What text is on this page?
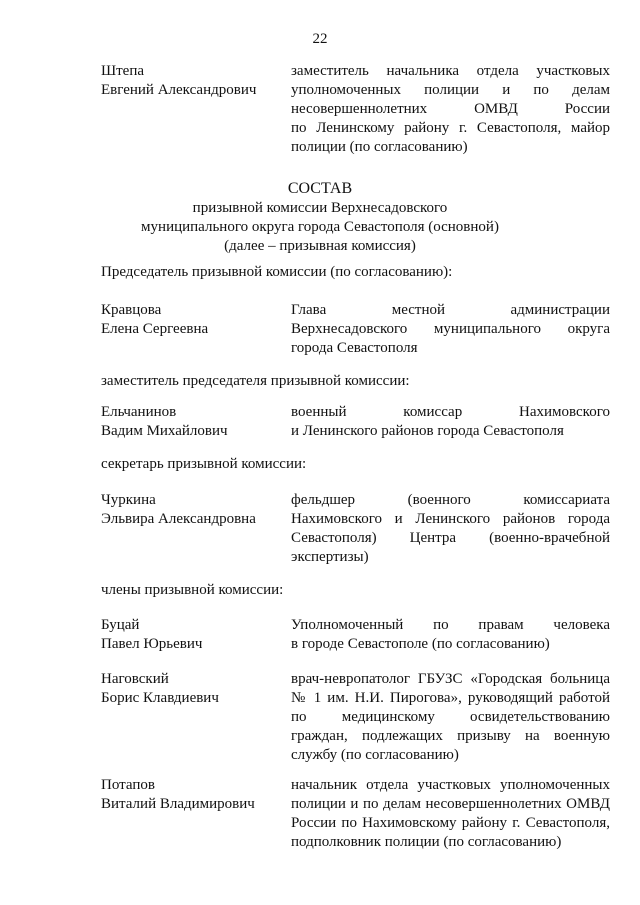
22
Штепа
Евгений Александрович
заместитель начальника отдела участковых
уполномоченных полиции и по делам
несовершеннолетних ОМВД России
по Ленинскому району г. Севастополя, майор
полиции (по согласованию)
СОСТАВ
призывной комиссии Верхнесадовского
муниципального округа города Севастополя (основной)
(далее – призывная комиссия)
Председатель призывной комиссии (по согласованию):
Кравцова
Елена Сергеевна
Глава местной администрации
Верхнесадовского муниципального округа
города Севастополя
заместитель председателя призывной комиссии:
Ельчанинов
Вадим Михайлович
военный комиссар Нахимовского
и Ленинского районов города Севастополя
секретарь призывной комиссии:
Чуркина
Эльвира Александровна
фельдшер (военного комиссариата
Нахимовского и Ленинского районов города
Севастополя) Центра (военно-врачебной
экспертизы)
члены призывной комиссии:
Буцай
Павел Юрьевич
Уполномоченный по правам человека
в городе Севастополе (по согласованию)
Наговский
Борис Клавдиевич
врач-невропатолог ГБУЗС «Городская больница
№ 1 им. Н.И. Пирогова», руководящий работой
по медицинскому освидетельствованию
граждан, подлежащих призыву на военную
службу (по согласованию)
Потапов
Виталий Владимирович
начальник отдела участковых уполномоченных
полиции и по делам несовершеннолетних ОМВД
России по Нахимовскому району г. Севастополя,
подполковник полиции (по согласованию)
